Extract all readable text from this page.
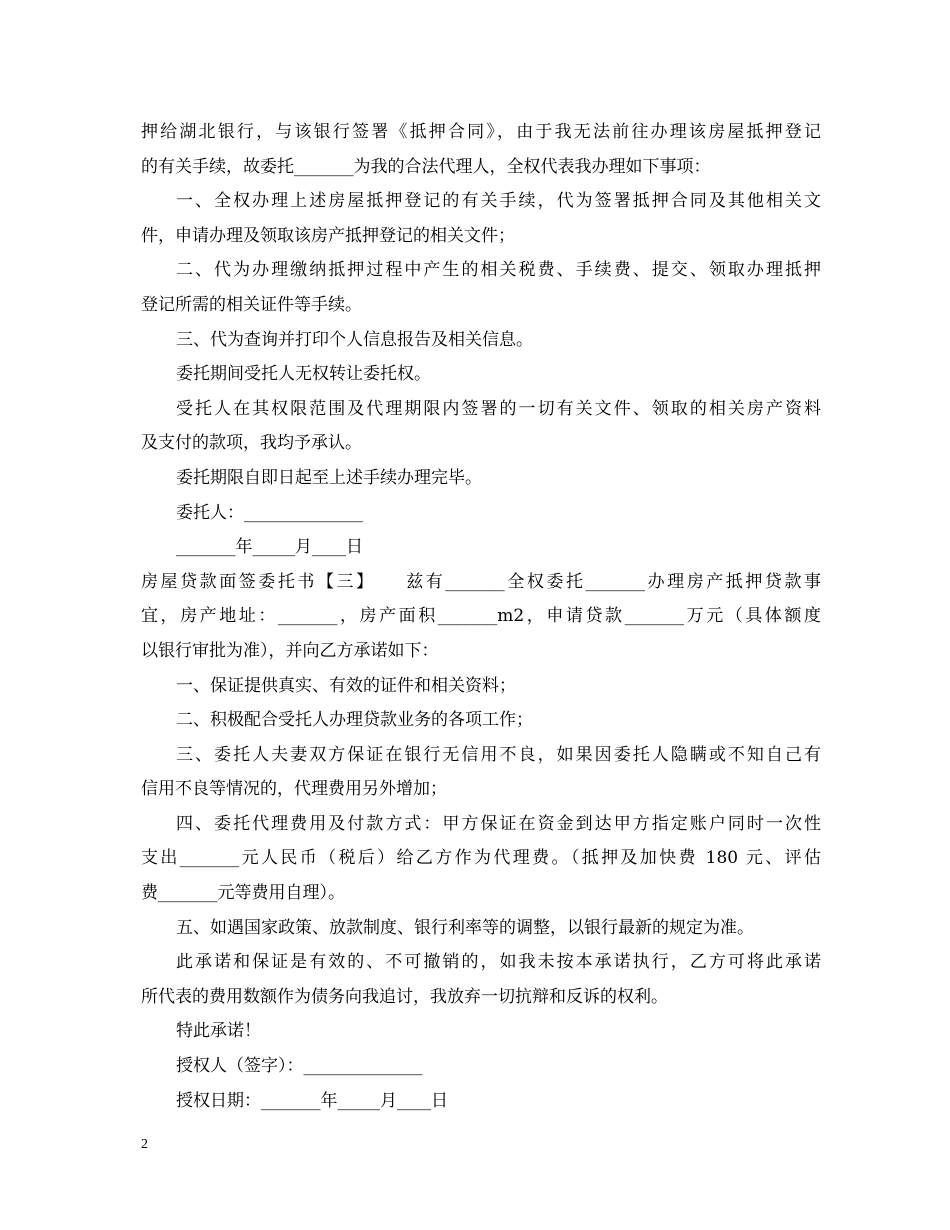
押给湖北银行，与该银行签署《抵押合同》，由于我无法前往办理该房屋抵押登记
的有关手续，故委托_______为我的合法代理人，全权代表我办理如下事项：
一、全权办理上述房屋抵押登记的有关手续，代为签署抵押合同及其他相关文
件，申请办理及领取该房产抵押登记的相关文件；
二、代为办理缴纳抵押过程中产生的相关税费、手续费、提交、领取办理抵押
登记所需的相关证件等手续。
三、代为查询并打印个人信息报告及相关信息。
委托期间受托人无权转让委托权。
受托人在其权限范围及代理期限内签署的一切有关文件、领取的相关房产资料
及支付的款项，我均予承认。
委托期限自即日起至上述手续办理完毕。
委托人：______________
_______年_____月____日
房屋贷款面签委托书【三】　　兹有_______全权委托_______办理房产抵押贷款事
宜，房产地址：_______，房产面积_______m2，申请贷款_______万元（具体额度
以银行审批为准），并向乙方承诺如下：
一、保证提供真实、有效的证件和相关资料；
二、积极配合受托人办理贷款业务的各项工作；
三、委托人夫妻双方保证在银行无信用不良，如果因委托人隐瞒或不知自己有
信用不良等情况的，代理费用另外增加；
四、委托代理费用及付款方式：甲方保证在资金到达甲方指定账户同时一次性
支出_______元人民币（税后）给乙方作为代理费。（抵押及加快费 180 元、评估
费_______元等费用自理）。
五、如遇国家政策、放款制度、银行利率等的调整，以银行最新的规定为准。
此承诺和保证是有效的、不可撤销的，如我未按本承诺执行，乙方可将此承诺
所代表的费用数额作为债务向我追讨，我放弃一切抗辩和反诉的权利。
特此承诺！
授权人（签字）：______________
授权日期：_______年_____月____日
2
